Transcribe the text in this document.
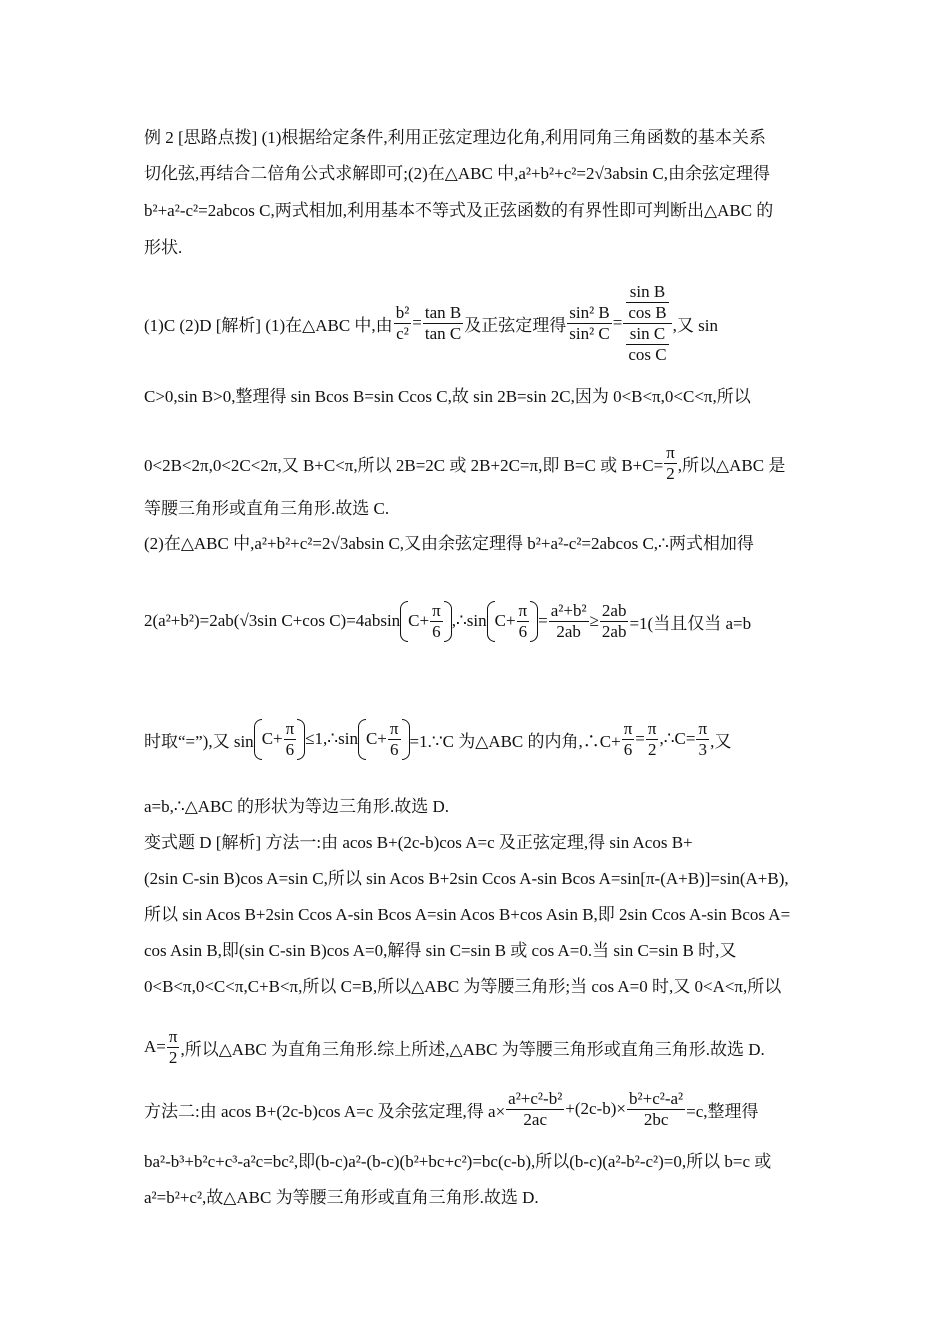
例 2 [思路点拨] (1)根据给定条件,利用正弦定理边化角,利用同角三角函数的基本关系
切化弦,再结合二倍角公式求解即可;(2)在△ABC 中,a²+b²+c²=2√3absin C,由余弦定理得
b²+a²-c²=2abcos C,两式相加,利用基本不等式及正弦函数的有界性即可判断出△ABC 的
形状.
(1)C (2)D [解析] (1)在△ABC 中,由 $\frac{\text{b²}}{\text{c²}} = \frac{\text{tan B}}{\text{tan C}}$ 及正弦定理得 $\frac{\text{sin² B}}{\text{sin² C}} = \frac{\frac{\text{sin B}}{\text{cos B}}}{\frac{\text{sin C}}{\text{cos C}}}$ ,又 sin
C>0,sin B>0,整理得 sin Bcos B=sin Ccos C,故 sin 2B=sin 2C,因为 0<B<π,0<C<π,所以
0<2B<2π,0<2C<2π,又 B+C<π,所以 2B=2C 或 2B+2C=π,即 B=C 或 $B+C= \frac{\pi}{2}$ ,所以△ABC 是
等腰三角形或直角三角形.故选 C.
(2)在△ABC 中,a²+b²+c²=2√3absin C,又由余弦定理得 b²+a²-c²=2abcos C,∴两式相加得
2(a²+b²)=2ab(√3sin C+cos C)=4absin $C+ \frac{\pi}{6}$ ,∴sin $C+ \frac{\pi}{6} = \frac{\text{a²+b²}}{2ab} \ge \frac{2ab}{2ab} =1$(当且仅当 a=b
时取“=”),又 $\sin C+ \frac{\pi}{6}$ ≤1,∴sin $C+ \frac{\pi}{6}$ =1.∵C 为△ABC 的内角,∴C+ $\frac{\pi}{6} = \frac{\pi}{2}$ ,∴C= $\frac{\pi}{3}$ ,又
a=b,∴△ABC 的形状为等边三角形.故选 D.
变式题 D [解析] 方法一:由 acos B+(2c-b)cos A=c 及正弦定理,得 sin Acos B+
(2sin C-sin B)cos A=sin C,所以 sin Acos B+2sin Ccos A-sin Bcos A=sin[π-(A+B)]=sin(A+B),
所以 sin Acos B+2sin Ccos A-sin Bcos A=sin Acos B+cos Asin B,即 2sin Ccos A-sin Bcos A=
cos Asin B,即(sin C-sin B)cos A=0,解得 sin C=sin B 或 cos A=0.当 sin C=sin B 时,又
0<B<π,0<C<π,C+B<π,所以 C=B,所以△ABC 为等腰三角形;当 cos A=0 时,又 0<A<π,所以
$A= \frac{\pi}{2}$ ,所以△ABC 为直角三角形.综上所述,△ABC 为等腰三角形或直角三角形.故选 D.
方法二:由 acos B+(2c-b)cos A=c 及余弦定理,得 $a\times \frac{\text{a²+c²-b²}}{2ac} +(2c-b)\times \frac{\text{b²+c²-a²}}{2bc} =c$,整理得
ba²-b³+b²c+c³-a²c=bc²,即(b-c)a²-(b-c)(b²+bc+c²)=bc(c-b),所以(b-c)(a²-b²-c²)=0,所以 b=c 或
a²=b²+c²,故△ABC 为等腰三角形或直角三角形.故选 D.
